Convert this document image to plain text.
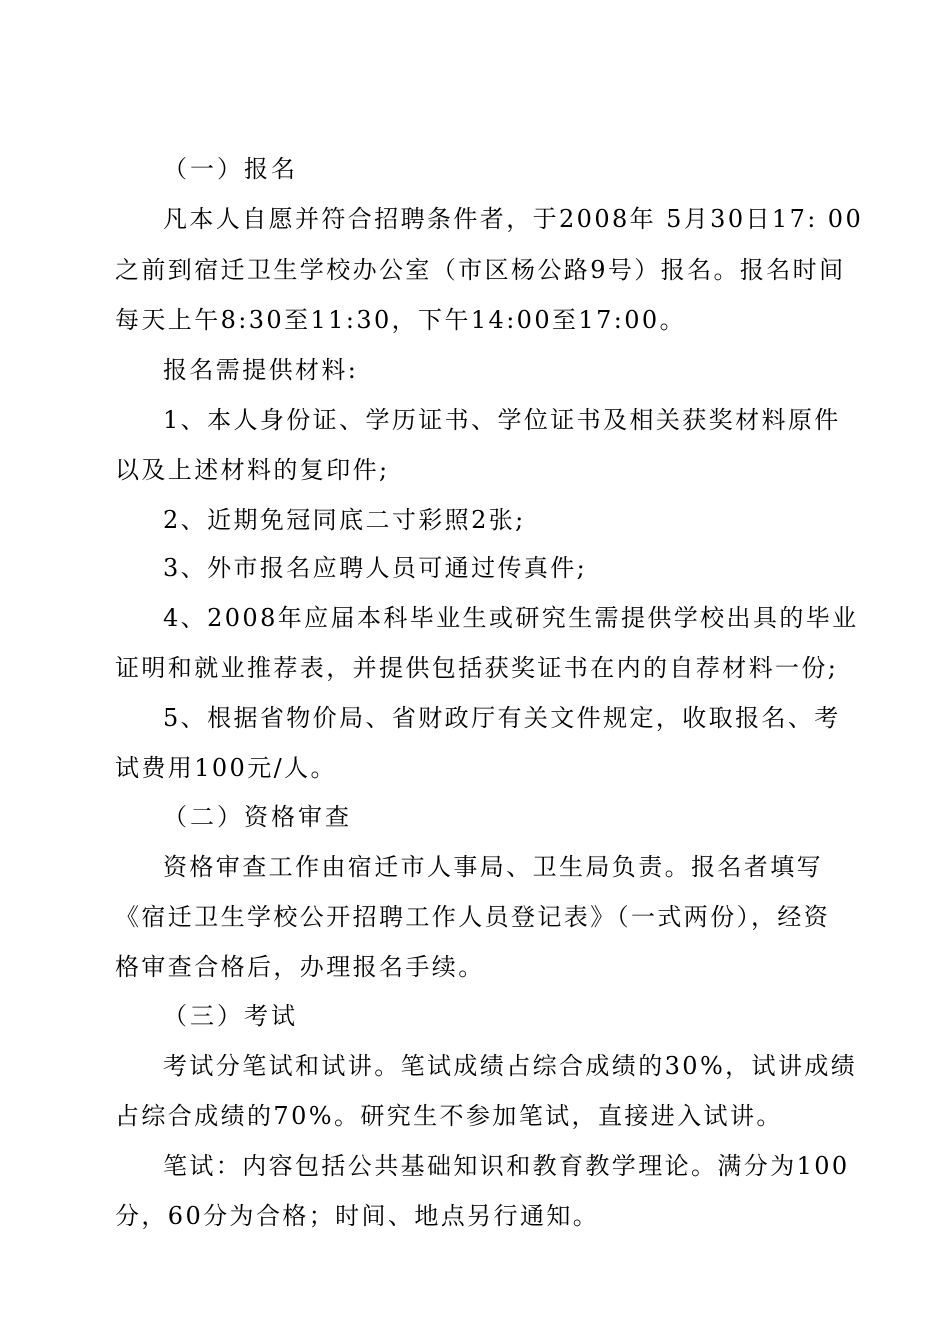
（一）报名
凡本人自愿并符合招聘条件者，于2008年 5月30日17: 00
之前到宿迁卫生学校办公室（市区杨公路9号）报名。报名时间
每天上午8:30至11:30，下午14:00至17:00。
报名需提供材料:
1、本人身份证、学历证书、学位证书及相关获奖材料原件
以及上述材料的复印件;
2、近期免冠同底二寸彩照2张;
3、外市报名应聘人员可通过传真件;
4、2008年应届本科毕业生或研究生需提供学校出具的毕业
证明和就业推荐表，并提供包括获奖证书在内的自荐材料一份;
5、根据省物价局、省财政厅有关文件规定，收取报名、考
试费用100元/人。
（二）资格审查
资格审查工作由宿迁市人事局、卫生局负责。报名者填写
《宿迁卫生学校公开招聘工作人员登记表》（一式两份），经资
格审查合格后，办理报名手续。
（三）考试
考试分笔试和试讲。笔试成绩占综合成绩的30%，试讲成绩
占综合成绩的70%。研究生不参加笔试，直接进入试讲。
笔试：内容包括公共基础知识和教育教学理论。满分为100
分，60分为合格；时间、地点另行通知。
